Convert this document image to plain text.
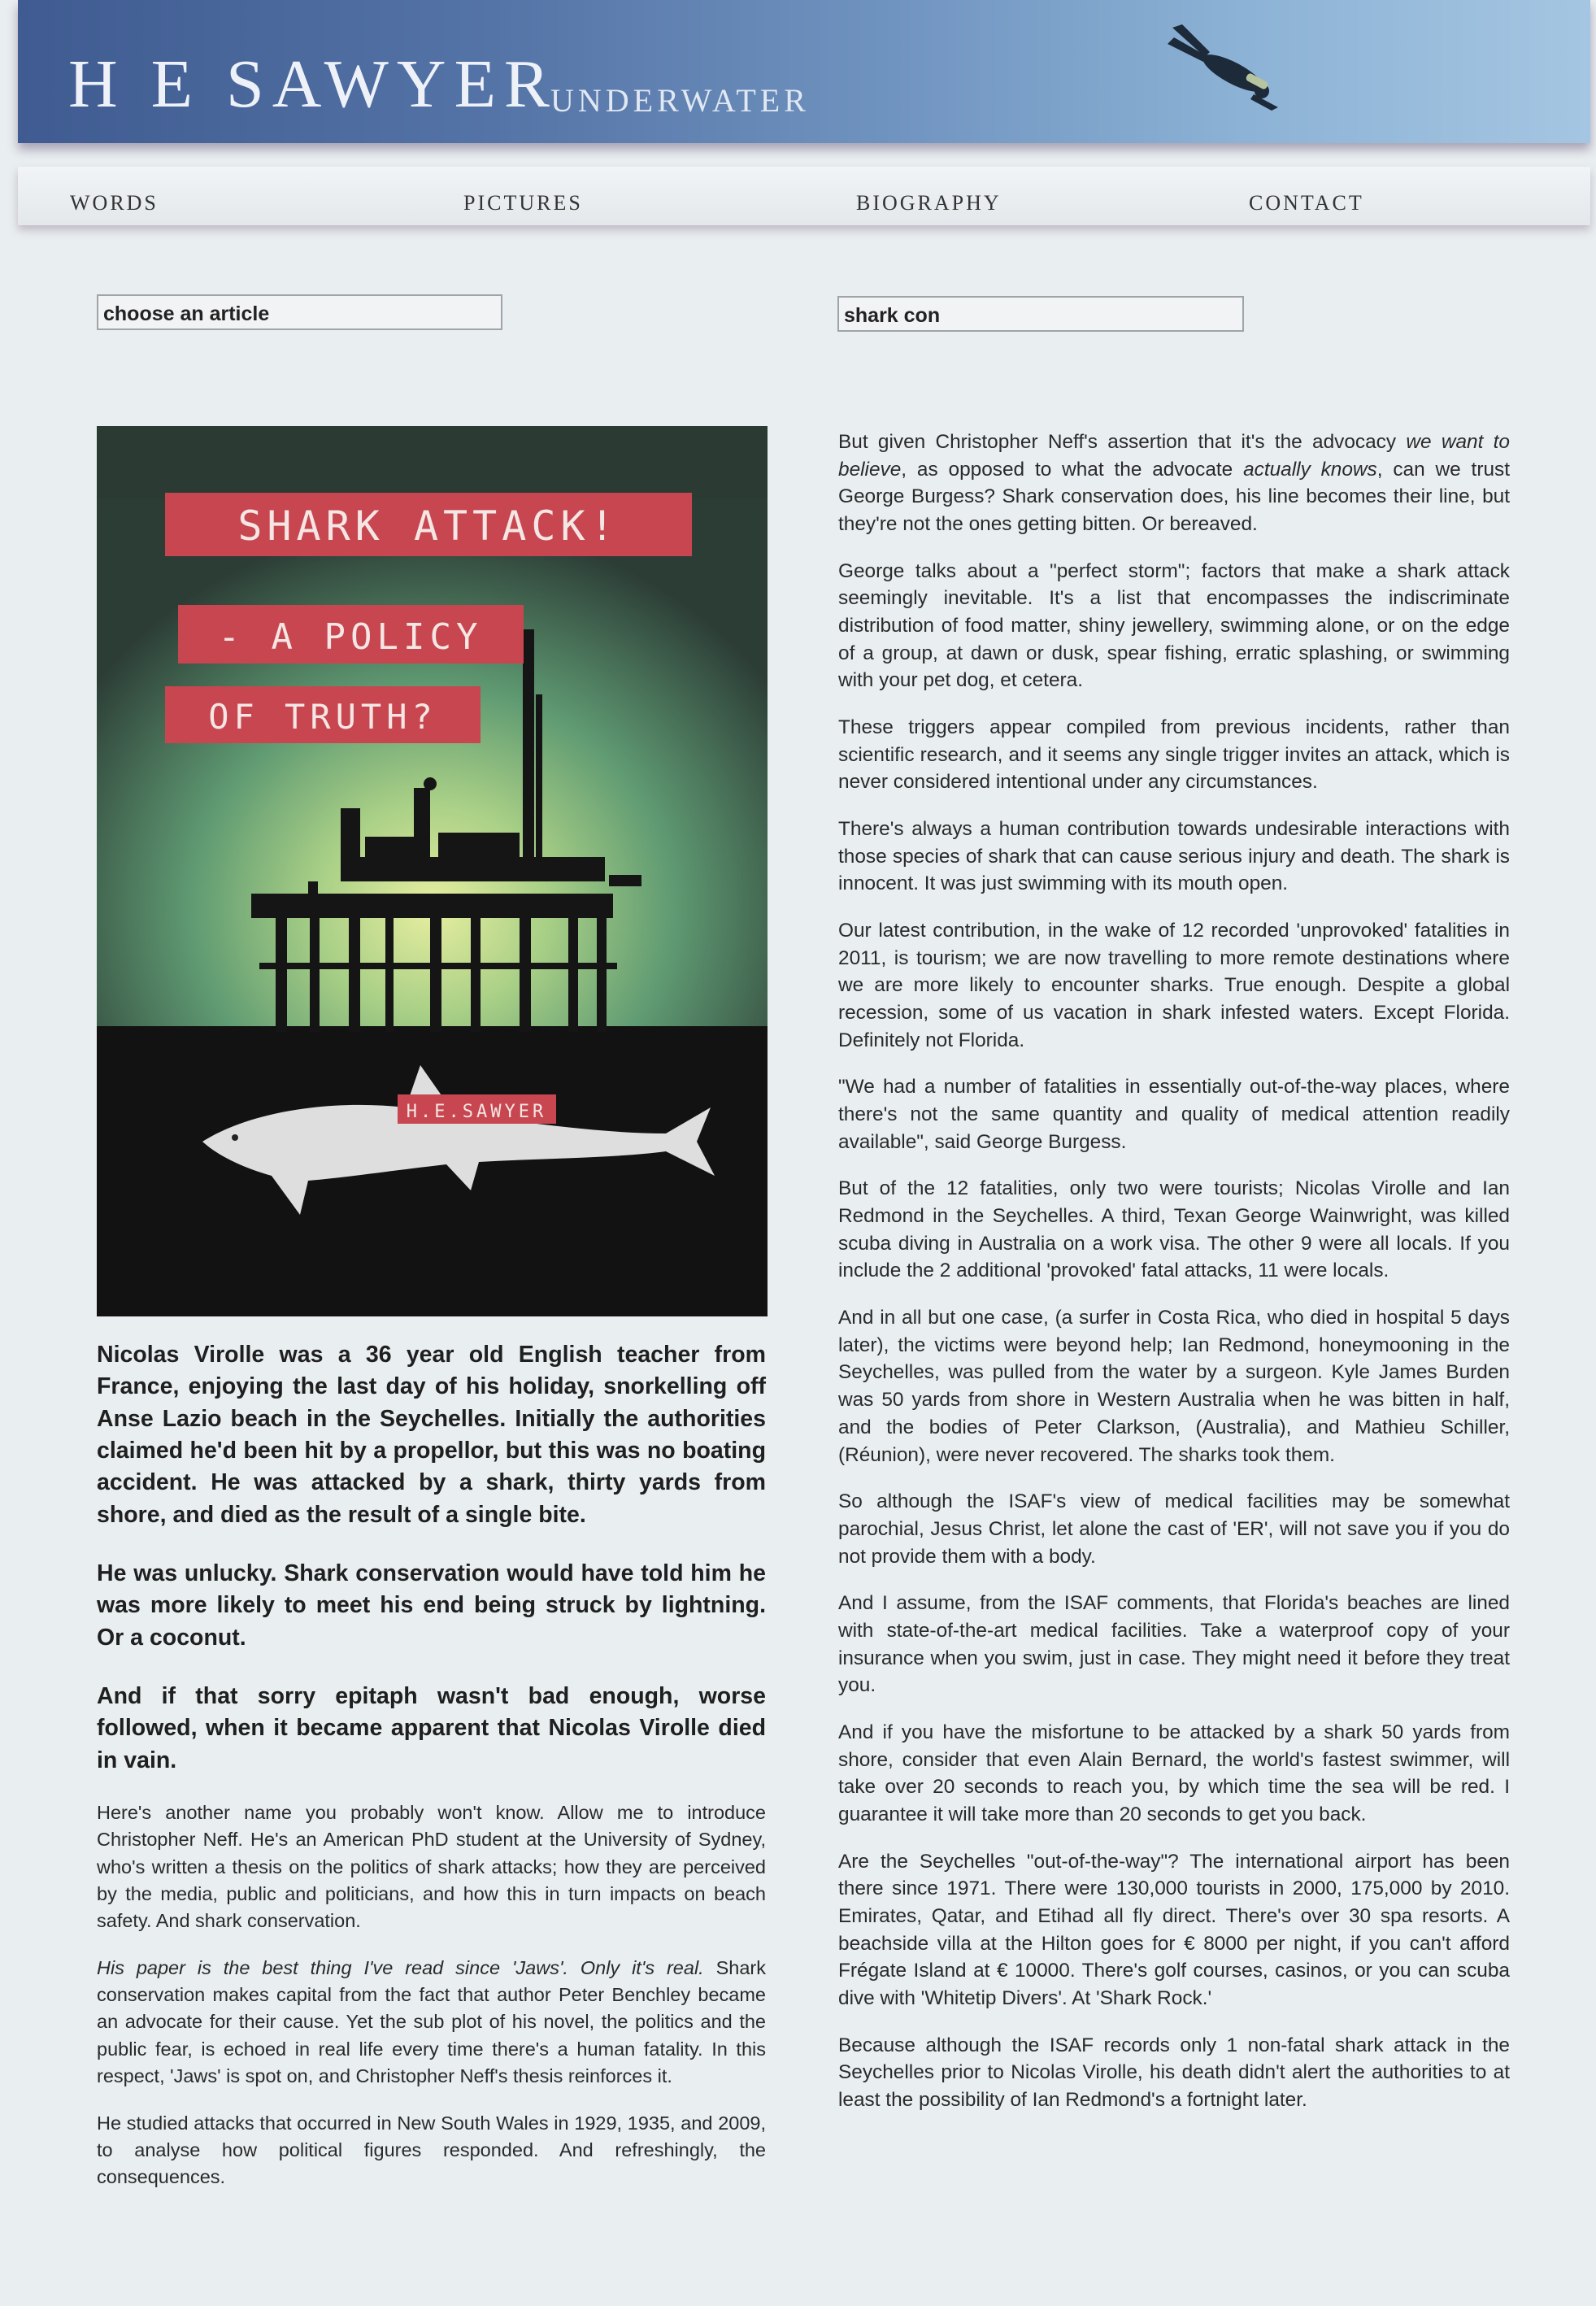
H E SAWYER
UNDERWATER
WORDS	PICTURES	BIOGRAPHY	CONTACT
choose an article	shark con
SHARK ATTACK!
- A POLICY
OF TRUTH?
H.E.SAWYER

Nicolas Virolle was a 36 year old English teacher from France, enjoying the last day of his holiday, snorkelling off Anse Lazio beach in the Seychelles. Initially the authorities claimed he'd been hit by a propellor, but this was no boating accident. He was attacked by a shark, thirty yards from shore, and died as the result of a single bite.

He was unlucky. Shark conservation would have told him he was more likely to meet his end being struck by lightning. Or a coconut.

And if that sorry epitaph wasn't bad enough, worse followed, when it became apparent that Nicolas Virolle died in vain.

Here's another name you probably won't know. Allow me to introduce Christopher Neff. He's an American PhD student at the University of Sydney, who's written a thesis on the politics of shark attacks; how they are perceived by the media, public and politicians, and how this in turn impacts on beach safety. And shark conservation.

His paper is the best thing I've read since 'Jaws'. Only it's real. Shark conservation makes capital from the fact that author Peter Benchley became an advocate for their cause. Yet the sub plot of his novel, the politics and the public fear, is echoed in real life every time there's a human fatality. In this respect, 'Jaws' is spot on, and Christopher Neff's thesis reinforces it.

He studied attacks that occurred in New South Wales in 1929, 1935, and 2009, to analyse how political figures responded. And refreshingly, the consequences.

But given Christopher Neff's assertion that it's the advocacy we want to believe, as opposed to what the advocate actually knows, can we trust George Burgess? Shark conservation does, his line becomes their line, but they're not the ones getting bitten. Or bereaved.

George talks about a "perfect storm"; factors that make a shark attack seemingly inevitable. It's a list that encompasses the indiscriminate distribution of food matter, shiny jewellery, swimming alone, or on the edge of a group, at dawn or dusk, spear fishing, erratic splashing, or swimming with your pet dog, et cetera.

These triggers appear compiled from previous incidents, rather than scientific research, and it seems any single trigger invites an attack, which is never considered intentional under any circumstances.

There's always a human contribution towards undesirable interactions with those species of shark that can cause serious injury and death. The shark is innocent. It was just swimming with its mouth open.

Our latest contribution, in the wake of 12 recorded 'unprovoked' fatalities in 2011, is tourism; we are now travelling to more remote destinations where we are more likely to encounter sharks. True enough. Despite a global recession, some of us vacation in shark infested waters. Except Florida. Definitely not Florida.

"We had a number of fatalities in essentially out-of-the-way places, where there's not the same quantity and quality of medical attention readily available", said George Burgess.

But of the 12 fatalities, only two were tourists; Nicolas Virolle and Ian Redmond in the Seychelles. A third, Texan George Wainwright, was killed scuba diving in Australia on a work visa. The other 9 were all locals. If you include the 2 additional 'provoked' fatal attacks, 11 were locals.

And in all but one case, (a surfer in Costa Rica, who died in hospital 5 days later), the victims were beyond help; Ian Redmond, honeymooning in the Seychelles, was pulled from the water by a surgeon. Kyle James Burden was 50 yards from shore in Western Australia when he was bitten in half, and the bodies of Peter Clarkson, (Australia), and Mathieu Schiller, (Réunion), were never recovered. The sharks took them.

So although the ISAF's view of medical facilities may be somewhat parochial, Jesus Christ, let alone the cast of 'ER', will not save you if you do not provide them with a body.

And I assume, from the ISAF comments, that Florida's beaches are lined with state-of-the-art medical facilities. Take a waterproof copy of your insurance when you swim, just in case. They might need it before they treat you.

And if you have the misfortune to be attacked by a shark 50 yards from shore, consider that even Alain Bernard, the world's fastest swimmer, will take over 20 seconds to reach you, by which time the sea will be red. I guarantee it will take more than 20 seconds to get you back.

Are the Seychelles "out-of-the-way"? The international airport has been there since 1971. There were 130,000 tourists in 2000, 175,000 by 2010. Emirates, Qatar, and Etihad all fly direct. There's over 30 spa resorts. A beachside villa at the Hilton goes for € 8000 per night, if you can't afford Frégate Island at € 10000. There's golf courses, casinos, or you can scuba dive with 'Whitetip Divers'. At 'Shark Rock.'

Because although the ISAF records only 1 non-fatal shark attack in the Seychelles prior to Nicolas Virolle, his death didn't alert the authorities to at least the possibility of Ian Redmond's a fortnight later.
